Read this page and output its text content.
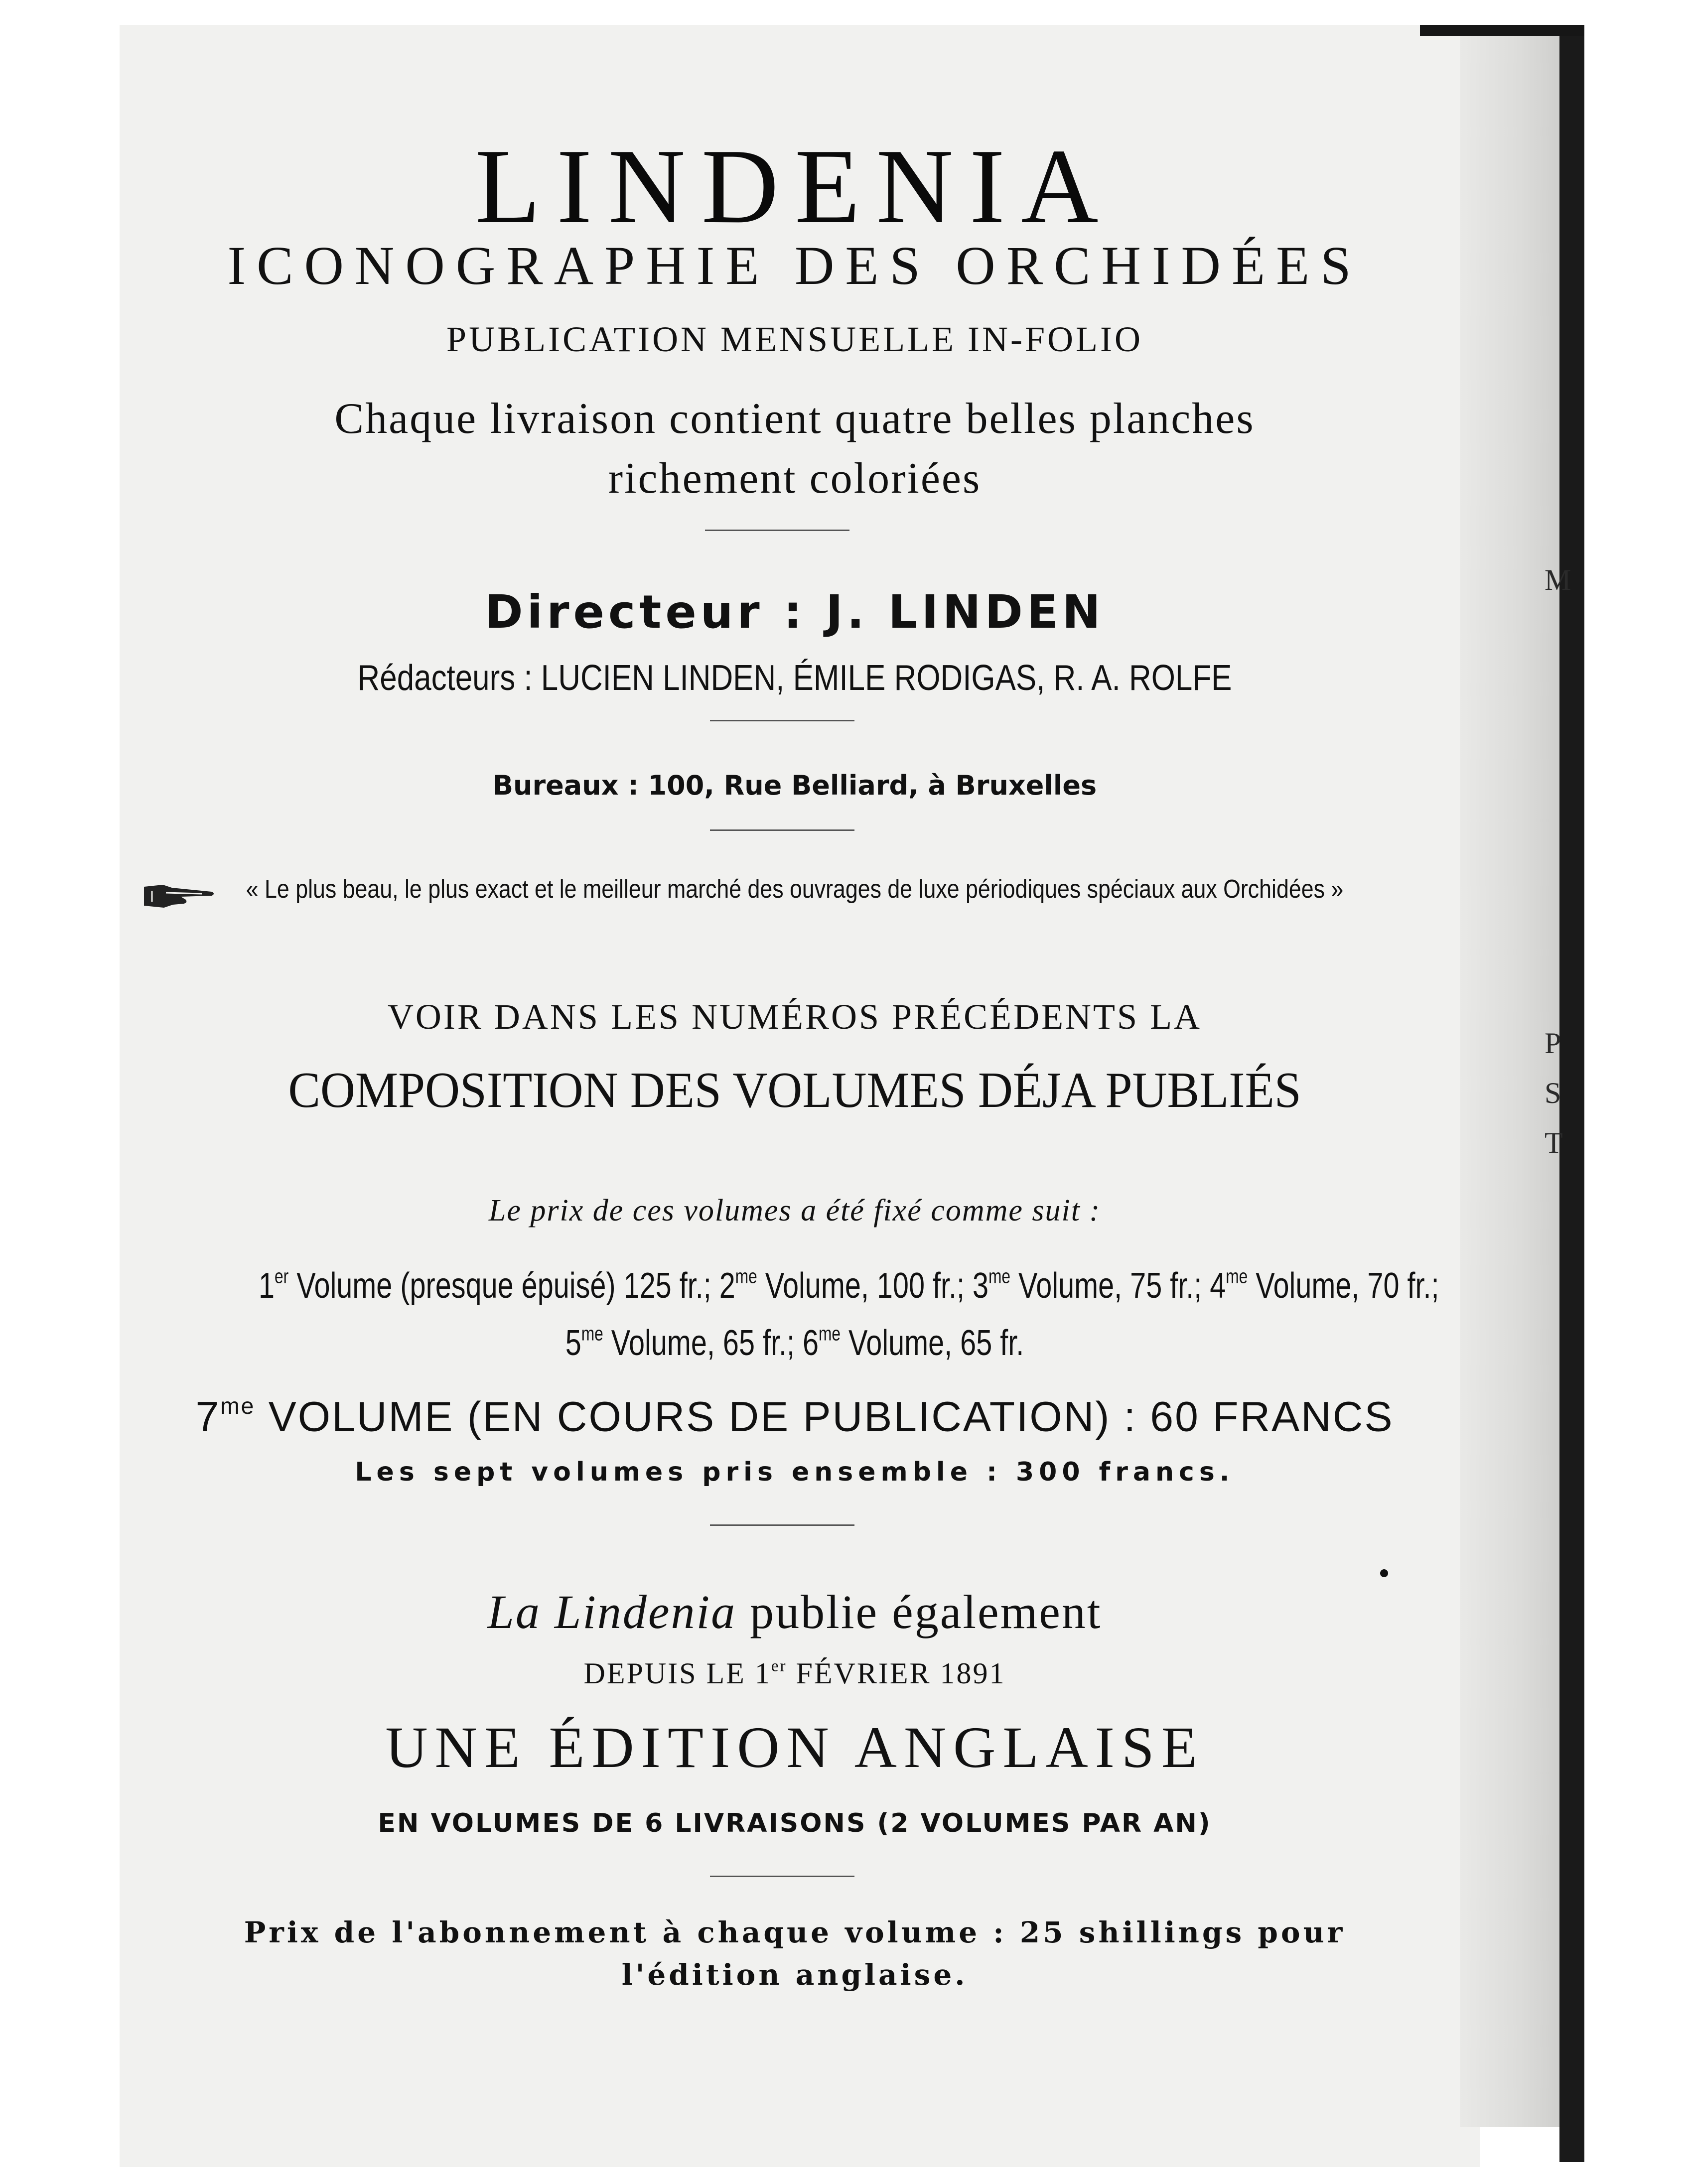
M
P
S
T
LINDENIA
ICONOGRAPHIE DES ORCHIDÉES
PUBLICATION MENSUELLE IN-FOLIO
Chaque livraison contient quatre belles planches
richement coloriées
Directeur : J. LINDEN
Rédacteurs : LUCIEN LINDEN, ÉMILE RODIGAS, R. A. ROLFE
Bureaux : 100, Rue Belliard, à Bruxelles
« Le plus beau, le plus exact et le meilleur marché des ouvrages de luxe périodiques spéciaux aux Orchidées »
VOIR DANS LES NUMÉROS PRÉCÉDENTS LA
COMPOSITION DES VOLUMES DÉJA PUBLIÉS
Le prix de ces volumes a été fixé comme suit :
1er Volume (presque épuisé) 125 fr.; $2^{me}$ Volume, 100 fr.; $3^{me}$ Volume, 75 fr.; $4^{me}$ Volume, 70 fr.;
$5^{me}$ Volume, 65 fr.; $6^{me}$ Volume, 65 fr.
$7^{me}$ VOLUME (EN COURS DE PUBLICATION) : 60 FRANCS
Les sept volumes pris ensemble : 300 francs.
La Lindenia publie également
DEPUIS LE 1er FÉVRIER 1891
UNE ÉDITION ANGLAISE
EN VOLUMES DE 6 LIVRAISONS (2 VOLUMES PAR AN)
Prix de l'abonnement à chaque volume : 25 shillings pour
l'édition anglaise.
